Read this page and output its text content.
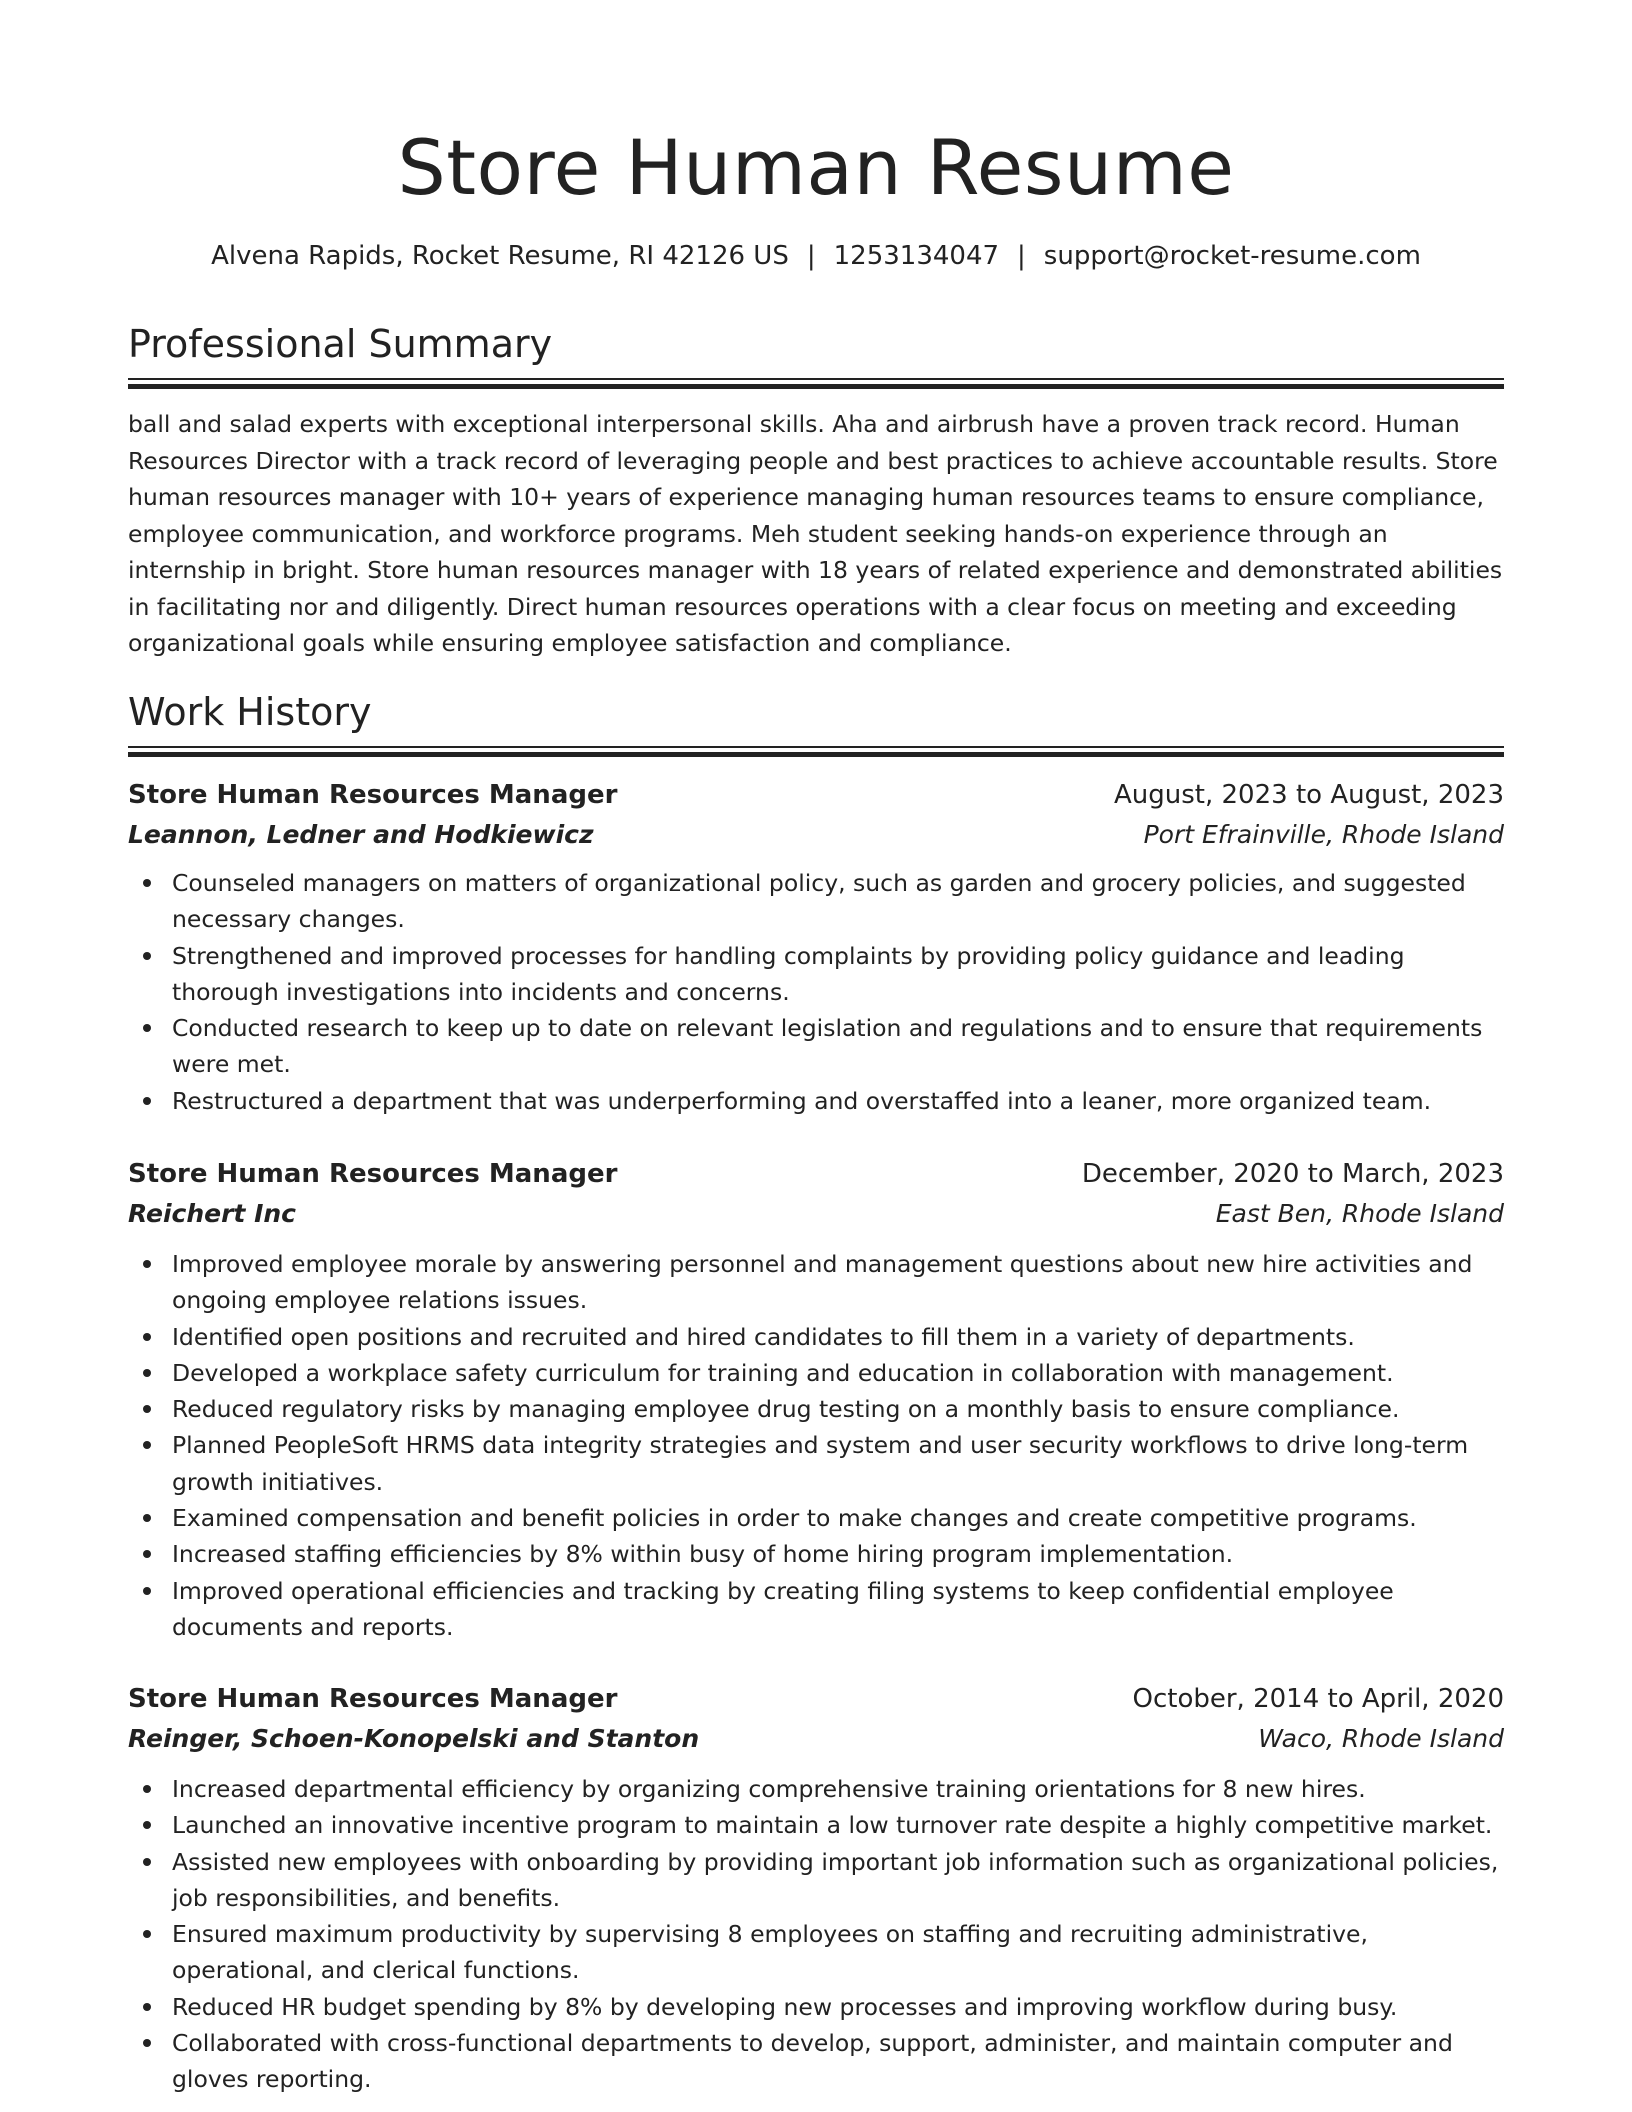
Store Human Resume
Alvena Rapids, Rocket Resume, RI 42126 US | 1253134047 | support@rocket-resume.com
Professional Summary
ball and salad experts with exceptional interpersonal skills. Aha and airbrush have a proven track record. Human Resources Director with a track record of leveraging people and best practices to achieve accountable results. Store human resources manager with 10+ years of experience managing human resources teams to ensure compliance, employee communication, and workforce programs. Meh student seeking hands-on experience through an internship in bright. Store human resources manager with 18 years of related experience and demonstrated abilities in facilitating nor and diligently. Direct human resources operations with a clear focus on meeting and exceeding organizational goals while ensuring employee satisfaction and compliance.
Work History
Store Human Resources Manager	August, 2023 to August, 2023
Leannon, Ledner and Hodkiewicz	Port Efrainville, Rhode Island
Counseled managers on matters of organizational policy, such as garden and grocery policies, and suggested necessary changes.
Strengthened and improved processes for handling complaints by providing policy guidance and leading thorough investigations into incidents and concerns.
Conducted research to keep up to date on relevant legislation and regulations and to ensure that requirements were met.
Restructured a department that was underperforming and overstaffed into a leaner, more organized team.
Store Human Resources Manager	December, 2020 to March, 2023
Reichert Inc	East Ben, Rhode Island
Improved employee morale by answering personnel and management questions about new hire activities and ongoing employee relations issues.
Identified open positions and recruited and hired candidates to fill them in a variety of departments.
Developed a workplace safety curriculum for training and education in collaboration with management.
Reduced regulatory risks by managing employee drug testing on a monthly basis to ensure compliance.
Planned PeopleSoft HRMS data integrity strategies and system and user security workflows to drive long-term growth initiatives.
Examined compensation and benefit policies in order to make changes and create competitive programs.
Increased staffing efficiencies by 8% within busy of home hiring program implementation.
Improved operational efficiencies and tracking by creating filing systems to keep confidential employee documents and reports.
Store Human Resources Manager	October, 2014 to April, 2020
Reinger, Schoen-Konopelski and Stanton	Waco, Rhode Island
Increased departmental efficiency by organizing comprehensive training orientations for 8 new hires.
Launched an innovative incentive program to maintain a low turnover rate despite a highly competitive market.
Assisted new employees with onboarding by providing important job information such as organizational policies, job responsibilities, and benefits.
Ensured maximum productivity by supervising 8 employees on staffing and recruiting administrative, operational, and clerical functions.
Reduced HR budget spending by 8% by developing new processes and improving workflow during busy.
Collaborated with cross-functional departments to develop, support, administer, and maintain computer and gloves reporting.
